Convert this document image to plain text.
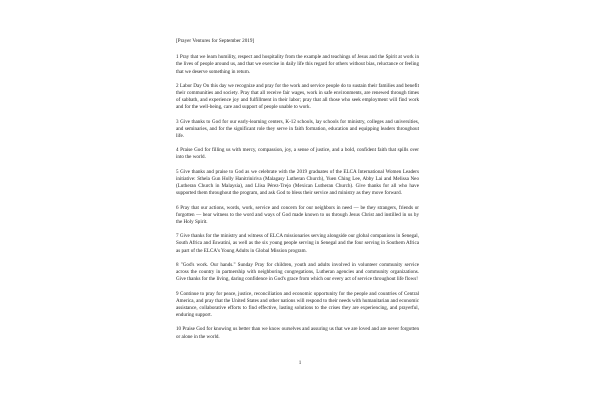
[Prayer Ventures for September 2019]

1 Pray that we learn humility, respect and hospitality from the example and teachings of Jesus and the Spirit at work in the lives of people around us, and that we exercise in daily life this regard for others without bias, reluctance or feeling that we deserve something in return.

2 Labor Day On this day we recognize and pray for the work and service people do to sustain their families and benefit their communities and society. Pray that all receive fair wages, work in safe environments, are renewed through times of sabbath, and experience joy and fulfillment in their labor; pray that all those who seek employment will find work and for the well-being, care and support of people unable to work.

3 Give thanks to God for our early-learning centers, K-12 schools, lay schools for ministry, colleges and universities, and seminaries, and for the significant role they serve in faith formation, education and equipping leaders throughout life.

4 Praise God for filling us with mercy, compassion, joy, a sense of justice, and a bold, confident faith that spills over into the world.

5 Give thanks and praise to God as we celebrate with the 2019 graduates of the ELCA International Women Leaders initiative: Sthela Gun Holly Hanitriniriva (Malagasy Lutheran Church), Yuen Ching Lee, Abby Lai and Melissa Neo (Lutheran Church in Malaysia), and Llisa Pérez-Trejo (Mexican Lutheran Church). Give thanks for all who have supported them throughout the program, and ask God to bless their service and ministry as they move forward.

6 Pray that our actions, words, work, service and concern for our neighbors in need — be they strangers, friends or forgotten — bear witness to the word and ways of God made known to us through Jesus Christ and instilled in us by the Holy Spirit.

7 Give thanks for the ministry and witness of ELCA missionaries serving alongside our global companions in Senegal, South Africa and Eswatini, as well as the six young people serving in Senegal and the four serving in Southern Africa as part of the ELCA's Young Adults in Global Mission program.

8 "God's work. Our hands." Sunday Pray for children, youth and adults involved in volunteer community service across the country in partnership with neighboring congregations, Lutheran agencies and community organizations. Give thanks for the living, daring confidence in God's grace from which our every act of service throughout life flows!

9 Continue to pray for peace, justice, reconciliation and economic opportunity for the people and countries of Central America, and pray that the United States and other nations will respond to their needs with humanitarian and economic assistance, collaborative efforts to find effective, lasting solutions to the crises they are experiencing, and prayerful, enduring support.

10 Praise God for knowing us better than we know ourselves and assuring us that we are loved and are never forgotten or alone in the world.

1
